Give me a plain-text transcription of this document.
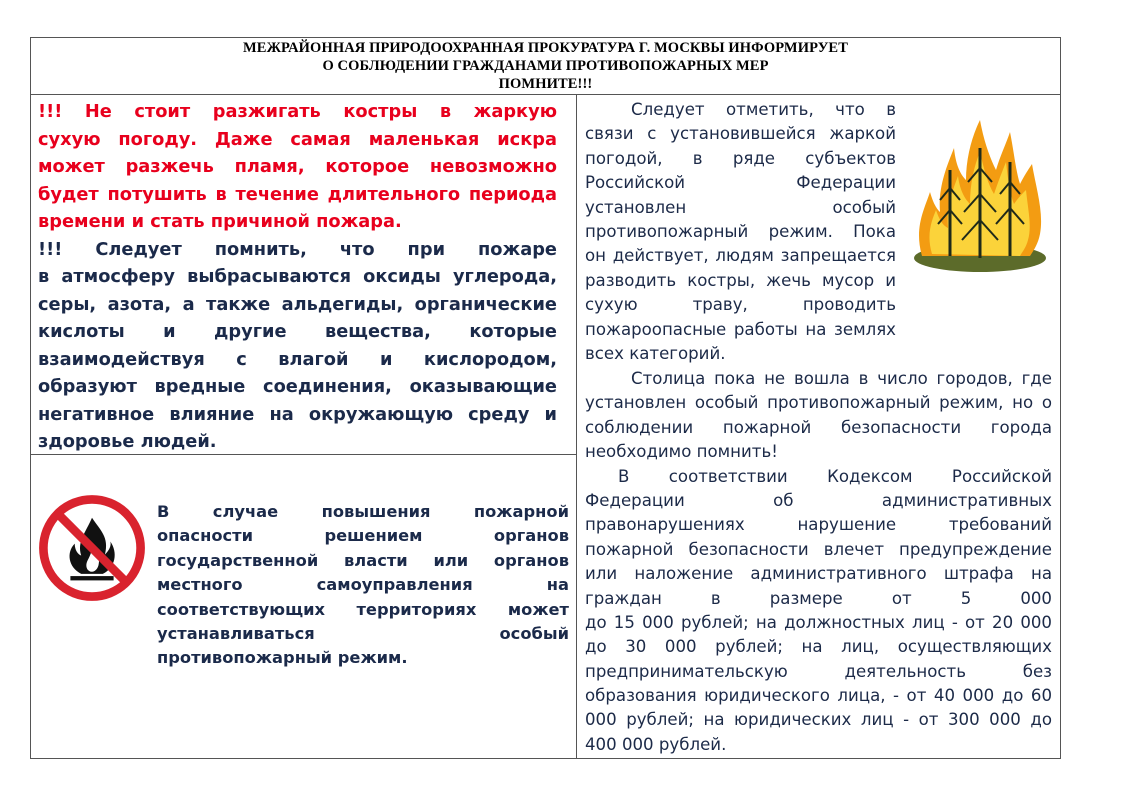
МЕЖРАЙОННАЯ ПРИРОДООХРАННАЯ ПРОКУРАТУРА Г. МОСКВЫ ИНФОРМИРУЕТ
О СОБЛЮДЕНИИ ГРАЖДАНАМИ ПРОТИВОПОЖАРНЫХ МЕР
ПОМНИТЕ!!!
!!! Не стоит разжигать костры в жаркую
сухую погоду. Даже самая маленькая искра
может разжечь пламя, которое невозможно
будет потушить в течение длительного периода
времени и стать причиной пожара.
!!! Следует помнить, что при пожаре
в атмосферу выбрасываются оксиды углерода,
серы, азота, а также альдегиды, органические
кислоты и другие вещества, которые
взаимодействуя с влагой и кислородом,
образуют вредные соединения, оказывающие
негативное влияние на окружающую среду и
здоровье людей.
В случае повышения пожарной
опасности решением органов
государственной власти или органов
местного самоуправления на
соответствующих территориях может
устанавливаться особый
противопожарный режим.
Следует отметить, что в
связи с установившейся жаркой
погодой, в ряде субъектов
Российской Федерации
установлен особый
противопожарный режим. Пока
он действует, людям запрещается
разводить костры, жечь мусор и
сухую траву, проводить
пожароопасные работы на землях
всех категорий.
Столица пока не вошла в число городов, где
установлен особый противопожарный режим, но о
соблюдении пожарной безопасности города
необходимо помнить!
В соответствии Кодексом Российской
Федерации об административных
правонарушениях нарушение требований
пожарной безопасности влечет предупреждение
или наложение административного штрафа на
граждан в размере от 5 000
до 15 000 рублей; на должностных лиц - от 20 000
до 30 000 рублей; на лиц, осуществляющих
предпринимательскую деятельность без
образования юридического лица, - от 40 000 до 60
000 рублей; на юридических лиц - от 300 000 до
400 000 рублей.
